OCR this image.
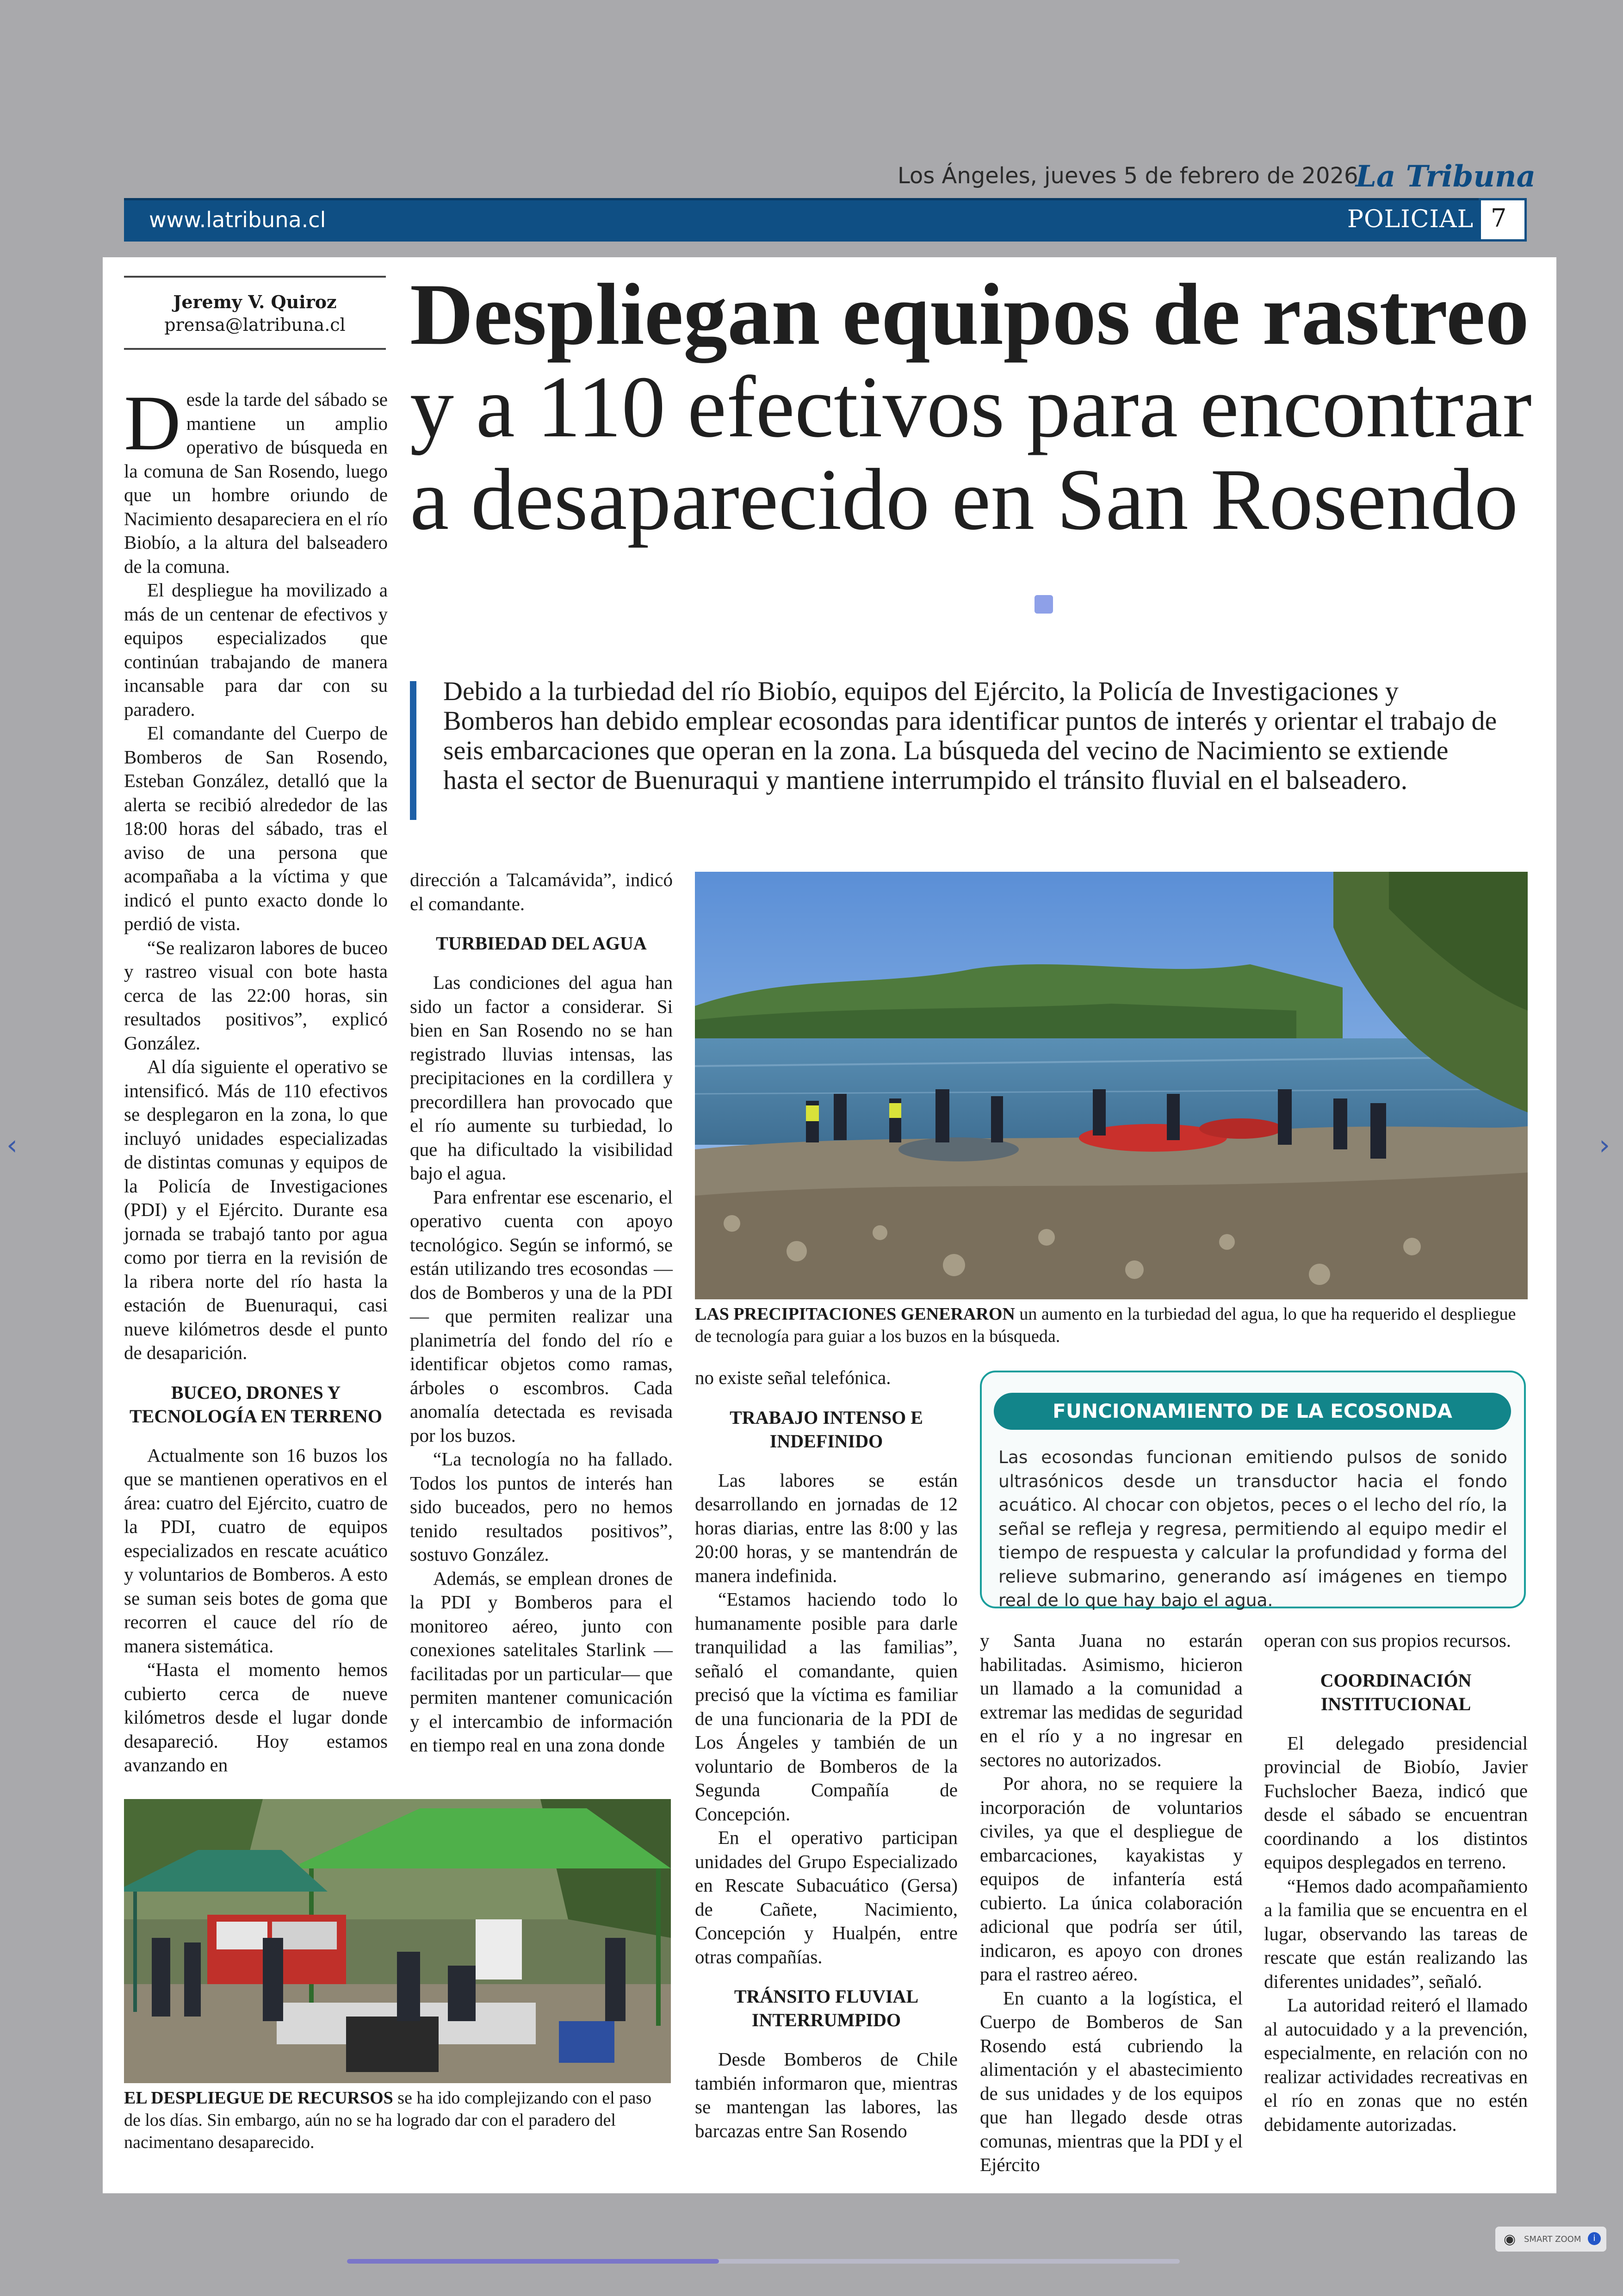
‹	›
Los Ángeles, jueves 5 de febrero de 2026
La Tribuna
www.latribuna.cl	POLICIAL 7
Jeremy V. Quiroz
prensa@latribuna.cl Despliegan equipos de rastreo y a 110 efectivos para encontrar a desaparecido en San Rosendo
Debido a la turbiedad del río Biobío, equipos del Ejército, la Policía de Investigaciones y Bomberos han debido emplear ecosondas para identificar puntos de interés y orientar el trabajo de seis embarcaciones que operan en la zona. La búsqueda del vecino de Nacimiento se extiende hasta el sector de Buenuraqui y mantiene interrumpido el tránsito fluvial en el balseadero.

Desde la tarde del sábado se mantiene un amplio operativo de búsqueda en la comuna de San Rosendo, luego que un hombre oriundo de Nacimiento desapareciera en el río Biobío, a la altura del balseadero de la comuna.

El despliegue ha movilizado a más de un centenar de efectivos y equipos especializados que continúan trabajando de manera incansable para dar con su paradero.

El comandante del Cuerpo de Bomberos de San Rosendo, Esteban González, detalló que la alerta se recibió alrededor de las 18:00 horas del sábado, tras el aviso de una persona que acompañaba a la víctima y que indicó el punto exacto donde lo perdió de vista.

“Se realizaron labores de buceo y rastreo visual con bote hasta cerca de las 22:00 horas, sin resultados positivos”, explicó González.

Al día siguiente el operativo se intensificó. Más de 110 efectivos se desplegaron en la zona, lo que incluyó unidades especializadas de distintas comunas y equipos de la Policía de Investigaciones (PDI) y el Ejército. Durante esa jornada se trabajó tanto por agua como por tierra en la revisión de la ribera norte del río hasta la estación de Buenuraqui, casi nueve kilómetros desde el punto de desaparición.

BUCEO, DRONES Y TECNOLOGÍA EN TERRENO

Actualmente son 16 buzos los que se mantienen operativos en el área: cuatro del Ejército, cuatro de la PDI, cuatro de equipos especializados en rescate acuático y voluntarios de Bomberos. A esto se suman seis botes de goma que recorren el cauce del río de manera sistemática.

“Hasta el momento hemos cubierto cerca de nueve kilómetros desde el lugar donde desapareció. Hoy estamos avanzando en

dirección a Talcamávida”, indicó el comandante.

TURBIEDAD DEL AGUA

Las condiciones del agua han sido un factor a considerar. Si bien en San Rosendo no se han registrado lluvias intensas, las precipitaciones en la cordillera y precordillera han provocado que el río aumente su turbiedad, lo que ha dificultado la visibilidad bajo el agua.

Para enfrentar ese escenario, el operativo cuenta con apoyo tecnológico. Según se informó, se están utilizando tres ecosondas —dos de Bomberos y una de la PDI— que permiten realizar una planimetría del fondo del río e identificar objetos como ramas, árboles o escombros. Cada anomalía detectada es revisada por los buzos.

“La tecnología no ha fallado. Todos los puntos de interés han sido buceados, pero no hemos tenido resultados positivos”, sostuvo González.

Además, se emplean drones de la PDI y Bomberos para el monitoreo aéreo, junto con conexiones satelitales Starlink —facilitadas por un particular— que permiten mantener comunicación y el intercambio de información en tiempo real en una zona donde

LAS PRECIPITACIONES GENERARON un aumento en la turbiedad del agua, lo que ha requerido el despliegue de tecnología para guiar a los buzos en la búsqueda.

no existe señal telefónica.

TRABAJO INTENSO E INDEFINIDO

Las labores se están desarrollando en jornadas de 12 horas diarias, entre las 8:00 y las 20:00 horas, y se mantendrán de manera indefinida.

“Estamos haciendo todo lo humanamente posible para darle tranquilidad a las familias”, señaló el comandante, quien precisó que la víctima es familiar de una funcionaria de la PDI de Los Ángeles y también de un voluntario de Bomberos de la Segunda Compañía de Concepción.

En el operativo participan unidades del Grupo Especializado en Rescate Subacuático (Gersa) de Cañete, Nacimiento, Concepción y Hualpén, entre otras compañías.

TRÁNSITO FLUVIAL INTERRUMPIDO

Desde Bomberos de Chile también informaron que, mientras se mantengan las labores, las barcazas entre San Rosendo

FUNCIONAMIENTO DE LA ECOSONDA
Las ecosondas funcionan emitiendo pulsos de sonido ultrasónicos desde un transductor hacia el fondo acuático. Al chocar con objetos, peces o el lecho del río, la señal se refleja y regresa, permitiendo al equipo medir el tiempo de respuesta y calcular la profundidad y forma del relieve submarino, generando así imágenes en tiempo real de lo que hay bajo el agua.

y Santa Juana no estarán habilitadas. Asimismo, hicieron un llamado a la comunidad a extremar las medidas de seguridad en el río y a no ingresar en sectores no autorizados.

Por ahora, no se requiere la incorporación de voluntarios civiles, ya que el despliegue de embarcaciones, kayakistas y equipos de infantería está cubierto. La única colaboración adicional que podría ser útil, indicaron, es apoyo con drones para el rastreo aéreo.

En cuanto a la logística, el Cuerpo de Bomberos de San Rosendo está cubriendo la alimentación y el abastecimiento de sus unidades y de los equipos que han llegado desde otras comunas, mientras que la PDI y el Ejército

operan con sus propios recursos.

COORDINACIÓN INSTITUCIONAL

El delegado presidencial provincial de Biobío, Javier Fuchslocher Baeza, indicó que desde el sábado se encuentran coordinando a los distintos equipos desplegados en terreno.

“Hemos dado acompañamiento a la familia que se encuentra en el lugar, observando las tareas de rescate que están realizando las diferentes unidades”, señaló.

La autoridad reiteró el llamado al autocuidado y a la prevención, especialmente, en relación con no realizar actividades recreativas en el río en zonas que no estén debidamente autorizadas.

EL DESPLIEGUE DE RECURSOS se ha ido complejizando con el paso de los días. Sin embargo, aún no se ha logrado dar con el paradero del nacimentano desaparecido.
◉ SMART ZOOM	i
